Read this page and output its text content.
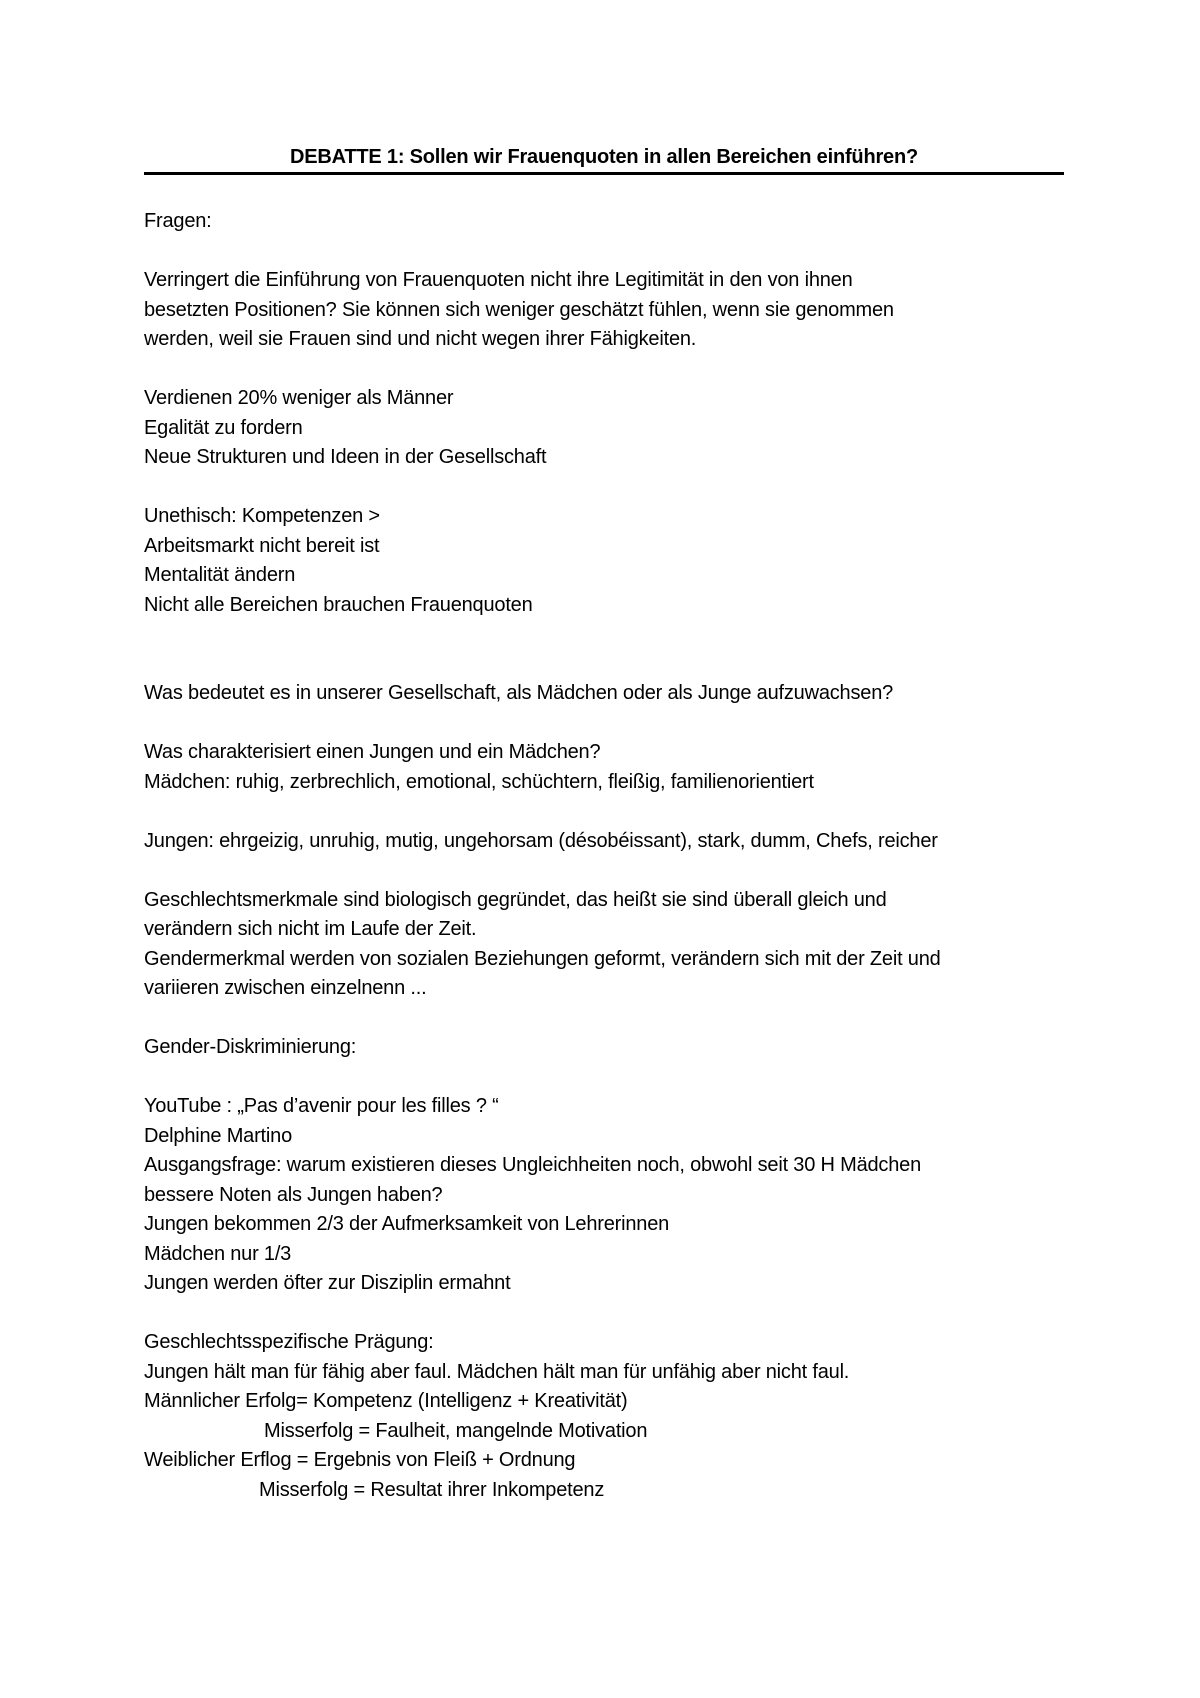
DEBATTE 1: Sollen wir Frauenquoten in allen Bereichen einführen?
Fragen:
Verringert die Einführung von Frauenquoten nicht ihre Legitimität in den von ihnen
besetzten Positionen? Sie können sich weniger geschätzt fühlen, wenn sie genommen
werden, weil sie Frauen sind und nicht wegen ihrer Fähigkeiten.
Verdienen 20% weniger als Männer
Egalität zu fordern
Neue Strukturen und Ideen in der Gesellschaft
Unethisch: Kompetenzen >
Arbeitsmarkt nicht bereit ist
Mentalität ändern
Nicht alle Bereichen brauchen Frauenquoten
Was bedeutet es in unserer Gesellschaft, als Mädchen oder als Junge aufzuwachsen?
Was charakterisiert einen Jungen und ein Mädchen?
Mädchen: ruhig, zerbrechlich, emotional, schüchtern, fleißig, familienorientiert
Jungen: ehrgeizig, unruhig, mutig, ungehorsam (désobéissant), stark, dumm, Chefs, reicher
Geschlechtsmerkmale sind biologisch gegründet, das heißt sie sind überall gleich und
verändern sich nicht im Laufe der Zeit.
Gendermerkmal werden von sozialen Beziehungen geformt, verändern sich mit der Zeit und
variieren zwischen einzelnenn ...
Gender-Diskriminierung:
YouTube : „Pas d’avenir pour les filles ? “
Delphine Martino
Ausgangsfrage: warum existieren dieses Ungleichheiten noch, obwohl seit 30 H Mädchen
bessere Noten als Jungen haben?
Jungen bekommen 2/3 der Aufmerksamkeit von Lehrerinnen
Mädchen nur 1/3
Jungen werden öfter zur Disziplin ermahnt
Geschlechtsspezifische Prägung:
Jungen hält man für fähig aber faul. Mädchen hält man für unfähig aber nicht faul.
Männlicher Erfolg= Kompetenz (Intelligenz + Kreativität)
Misserfolg = Faulheit, mangelnde Motivation
Weiblicher Erflog = Ergebnis von Fleiß + Ordnung
Misserfolg = Resultat ihrer Inkompetenz
